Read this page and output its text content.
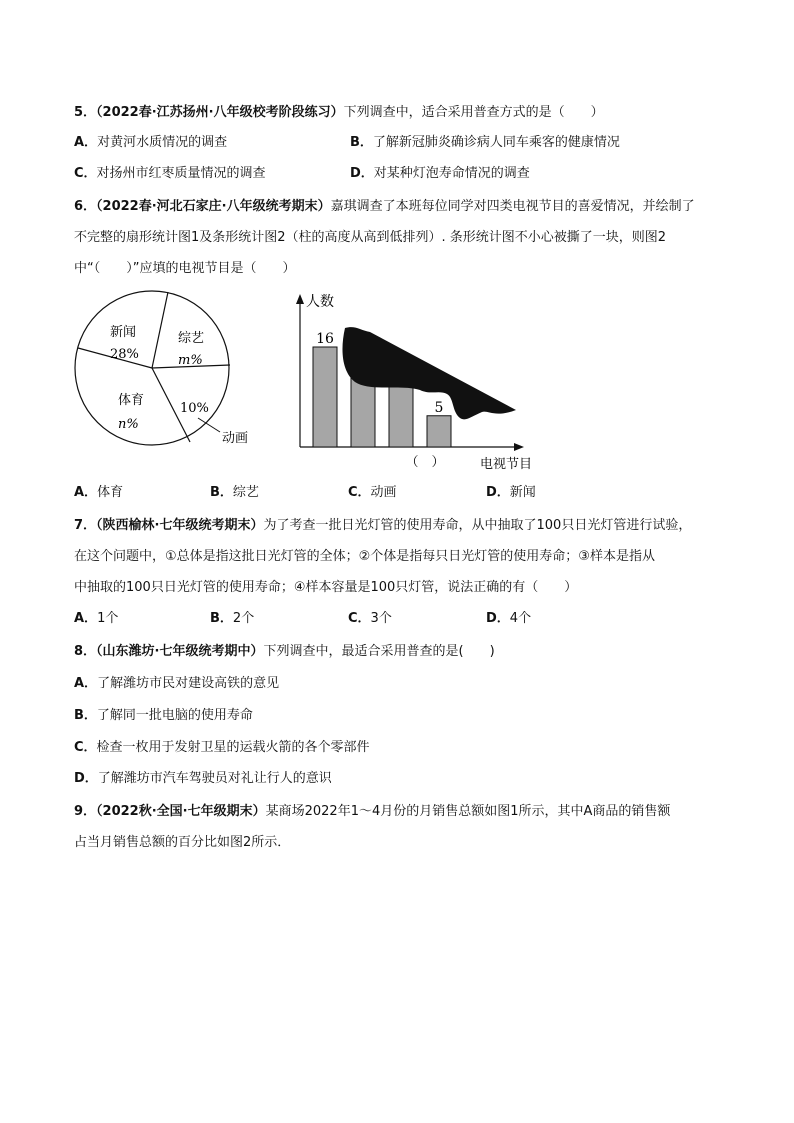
5．（2022春·江苏扬州·八年级校考阶段练习）下列调查中，适合采用普查方式的是（　　）
A．对黄河水质情况的调查	B．了解新冠肺炎确诊病人同车乘客的健康情况
C．对扬州市红枣质量情况的调查	D．对某种灯泡寿命情况的调查
6．（2022春·河北石家庄·八年级统考期末）嘉琪调查了本班每位同学对四类电视节目的喜爱情况，并绘制了
不完整的扇形统计图1及条形统计图2（柱的高度从高到低排列）. 条形统计图不小心被撕了一块，则图2
中“（　　）”应填的电视节目是（　　）
新闻
28%
综艺
m%
10%
动画
体育
n%
人数
电视节目
16
5
（　）
A．体育	B．综艺	C．动画	D．新闻
7．（陕西榆林·七年级统考期末）为了考查一批日光灯管的使用寿命，从中抽取了100只日光灯管进行试验，
在这个问题中，①总体是指这批日光灯管的全体；②个体是指每只日光灯管的使用寿命；③样本是指从
中抽取的100只日光灯管的使用寿命；④样本容量是100只灯管，说法正确的有（　　）
A．1个	B．2个	C．3个	D．4个
8．（山东潍坊·七年级统考期中）下列调查中，最适合采用普查的是(　　)
A．了解潍坊市民对建设高铁的意见
B．了解同一批电脑的使用寿命
C．检查一枚用于发射卫星的运载火箭的各个零部件
D．了解潍坊市汽车驾驶员对礼让行人的意识
9．（2022秋·全国·七年级期末）某商场2022年1～4月份的月销售总额如图1所示，其中A商品的销售额
占当月销售总额的百分比如图2所示．
